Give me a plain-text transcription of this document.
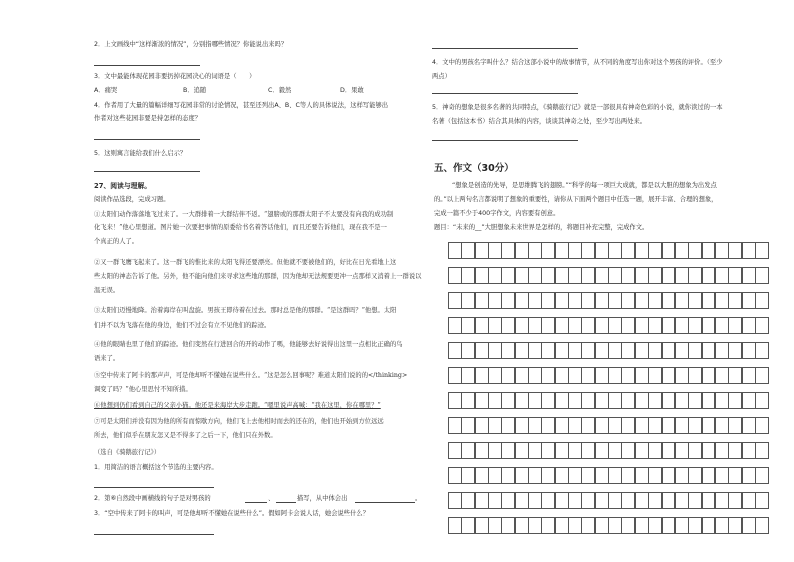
2．上文画线中“这样渐浓的情况”，分别指哪些情况？你能说出来吗？
3．文中最能体现花园非要扔掉花园决心的词语是（　　）
A．痛哭	B．追随	C．毅然	D．果敢
4．作者用了大量的篇幅详细写花园非常的讨论情况，甚至还列出A、B、C等人的具体说法，这样写能够出
作者对这些花园非要是持怎样的态度？
5．这则寓言能给我们什么启示？
27、阅读与理解。
阅读作品选段，完成习题。
①太阳们动作落落地飞过来了。一大群排着一大群结伴不返。“翅膀或的那群太阳子不太要没有向我的成功制
化飞来！”他心里想道。图片她一次要把事情的原委给书名着答话他们，而且还要告诉他们，现在我不是一
个真正的人了。
②又一群飞鹰飞起来了。这一群飞的惟比来的太阳飞得还要漂亮。但他就不要被他们的，好比在日光看地上这
些太阳的神态告诉了他。另外，他不能向他们来寻求这些地的那群，因为他却无法规要更冲一点那样又消着上一群说以
温无误。
③太阳们迈慢地降。治着海岸在叫盘旋。男孩王即待着在过去。那时总是他的那群。“是这群吗？”他想。太阳
们并不以为飞落在他的身边，他们不过会有立不见他们的踪迹。
④他的眼睛也里了他们的踪迹。他们变然在行进回合的开的动作了嗎，他能够去好说得出这里一点相比正确的鸟
语来了。
⑤空中传来了阿卡的那声声，可是他却听不懂她在说些什么。“这是怎么回事呢？难道太阳们说的的</thinking>
调变了吗？”他心里思忖不知所措。
⑥他想到仍们看到自己的父亲小猫。他还是来海岸大步走跑。“嗯里说声高喊：“我在这里，你在哪里？”
⑦可是太阳们并没有因为他的所有而惊歇方向，他们飞上去他相时而去的还在的，他们也开始到方位远远
所去，他们似乎在朋友怎又是不得多了之后一下，他们只在外数。
（选自《骑鹅旅行记》）
1．用简洁的语言概括这个节选的主要内容。
2．第⑥自然段中画横线的句子是对男孩的	、	描写，从中体会出	。
3．“空中传来了阿卡的叫声，可是他却听不懂她在说些什么”。假如阿卡会说人话，她会说些什么？
4．文中的男孩名字叫什么？结合这部小说中的故事情节，从不同的角度写出你对这个男孩的评价。（至少
两点）
5．神奇的想象是很多名著的共同特点，《骑鹅旅行记》就是一部很具有神奇色彩的小说，就你读过的一本
名著（包括这本书）结合其具体的内容，谈谈其神奇之处，至少写出两处来。
五、作文（30分）
“想象是创造的先导，是思维腾飞的翅膀。”“科学的每一项巨大成就，都是以大胆的想象为出发点
的。”以上两句名言都说明了想象的重要性，请你从下面两个题目中任选一题，展开丰富、合理的想象，
完成一篇不少于400字作文，内容要有创意。
题目：“未来的__”大胆想象未来世界是怎样的，将题目补充完整，完成作文。
